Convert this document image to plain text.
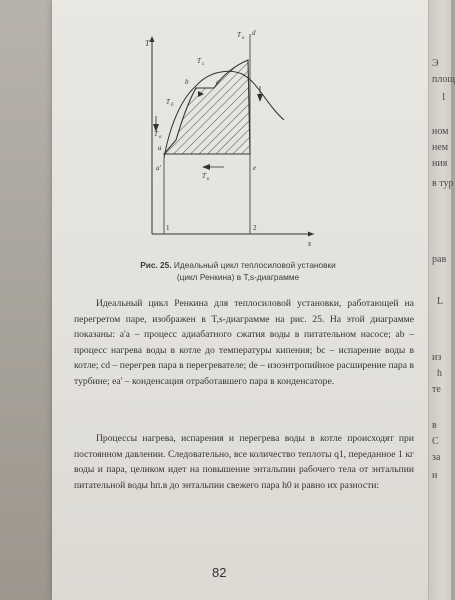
Э
площ
1
ном
нем
ния
в тур
рав
L
из
h
те
в
С
за
н
T
s
T п
d
T s
b	c
T б
T a
a
a'	e
T к
1	2
Рис. 25. Идеальный цикл теплосиловой установки
(цикл Ренкина) в T,s-диаграмме

Идеальный цикл Ренкина для теплосиловой установки, работающей на перегретом паре, изображен в T,s-диаграмме на рис. 25. На этой диаграмме показаны: a'a – процесс адиабатного сжатия воды в питательном насосе; ab – процесс нагрева воды в котле до температуры кипения; bc – испарение воды в котле; cd – перегрев пара в перегревателе; de – изоэнтропийное расширение пара в турбине; ea' – конденсация отработавшего пара в конденсаторе.

Процессы нагрева, испарения и перегрева воды в котле происходят при постоянном давлении. Следовательно, все количество теплоты q1, переданное 1 кг воды и пара, целиком идет на повышение энтальпии рабочего тела от энтальпии питательной воды hп.в до энтальпии свежего пара h0 и равно их разности:

82
